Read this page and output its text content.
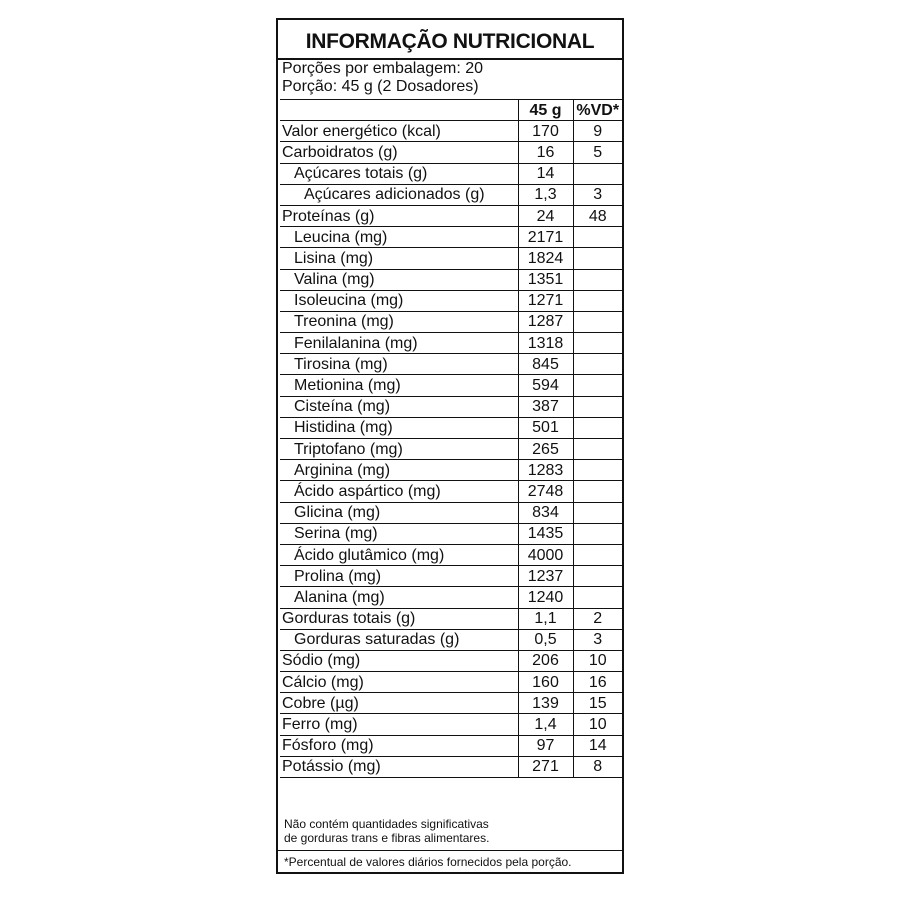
INFORMAÇÃO NUTRICIONAL
Porções por embalagem: 20
Porção: 45 g (2 Dosadores)
	45 g	%VD*
Valor energético (kcal)	170	9
Carboidratos (g)	16	5
Açúcares totais (g)	14	
Açúcares adicionados (g)	1,3	3
Proteínas (g)	24	48
Leucina (mg)	2171	
Lisina (mg)	1824	
Valina (mg)	1351	
Isoleucina (mg)	1271	
Treonina (mg)	1287	
Fenilalanina (mg)	1318	
Tirosina (mg)	845	
Metionina (mg)	594	
Cisteína (mg)	387	
Histidina (mg)	501	
Triptofano (mg)	265	
Arginina (mg)	1283	
Ácido aspártico (mg)	2748	
Glicina (mg)	834	
Serina (mg)	1435	
Ácido glutâmico (mg)	4000	
Prolina (mg)	1237	
Alanina (mg)	1240	
Gorduras totais (g)	1,1	2
Gorduras saturadas (g)	0,5	3
Sódio (mg)	206	10
Cálcio (mg)	160	16
Cobre (µg)	139	15
Ferro (mg)	1,4	10
Fósforo (mg)	97	14
Potássio (mg)	271	8
Não contém quantidades significativas
de gorduras trans e fibras alimentares.
*Percentual de valores diários fornecidos pela porção.
